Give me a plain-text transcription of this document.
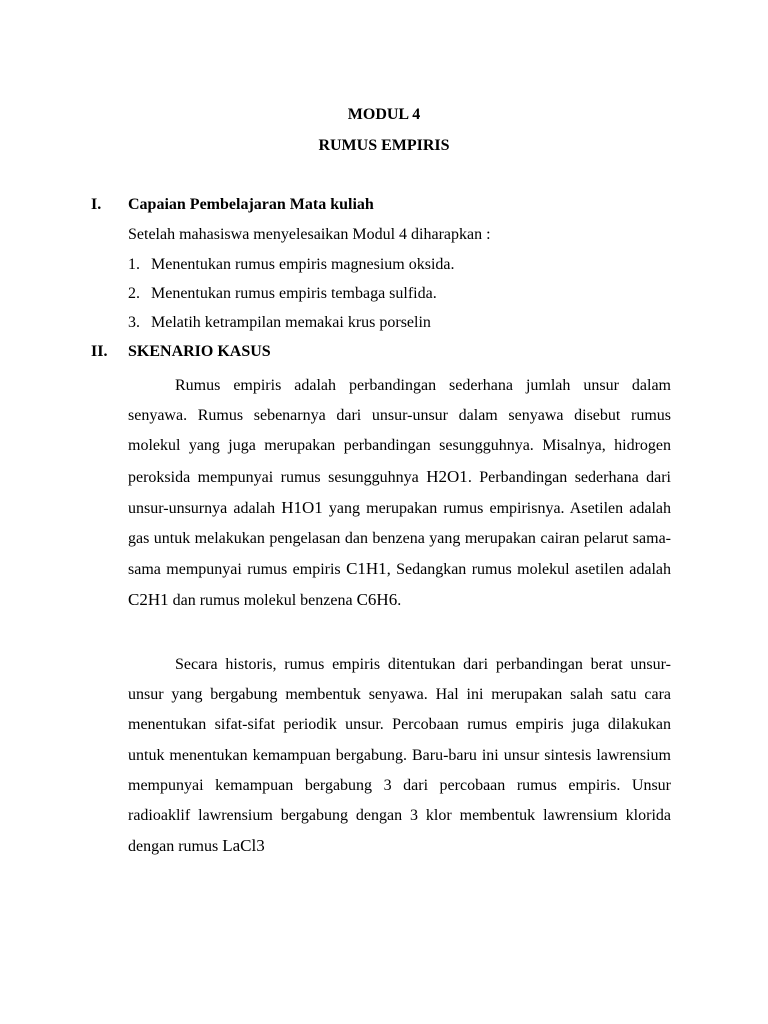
MODUL 4
RUMUS EMPIRIS
I. Capaian Pembelajaran Mata kuliah
Setelah mahasiswa menyelesaikan Modul 4 diharapkan :
1. Menentukan rumus empiris magnesium oksida.
2. Menentukan rumus empiris tembaga sulfida.
3. Melatih ketrampilan memakai krus porselin
II. SKENARIO KASUS
Rumus empiris adalah perbandingan sederhana jumlah unsur dalam senyawa. Rumus sebenarnya dari unsur-unsur dalam senyawa disebut rumus molekul yang juga merupakan perbandingan sesungguhnya. Misalnya, hidrogen peroksida mempunyai rumus sesungguhnya H2O1. Perbandingan sederhana dari unsur-unsurnya adalah H1O1 yang merupakan rumus empirisnya. Asetilen adalah gas untuk melakukan pengelasan dan benzena yang merupakan cairan pelarut sama-sama mempunyai rumus empiris C1H1, Sedangkan rumus molekul asetilen adalah C2H1 dan rumus molekul benzena C6H6.
Secara historis, rumus empiris ditentukan dari perbandingan berat unsur-unsur yang bergabung membentuk senyawa. Hal ini merupakan salah satu cara menentukan sifat-sifat periodik unsur. Percobaan rumus empiris juga dilakukan untuk menentukan kemampuan bergabung. Baru-baru ini unsur sintesis lawrensium mempunyai kemampuan bergabung 3 dari percobaan rumus empiris. Unsur radioaklif lawrensium bergabung dengan 3 klor membentuk lawrensium klorida dengan rumus LaCl3
